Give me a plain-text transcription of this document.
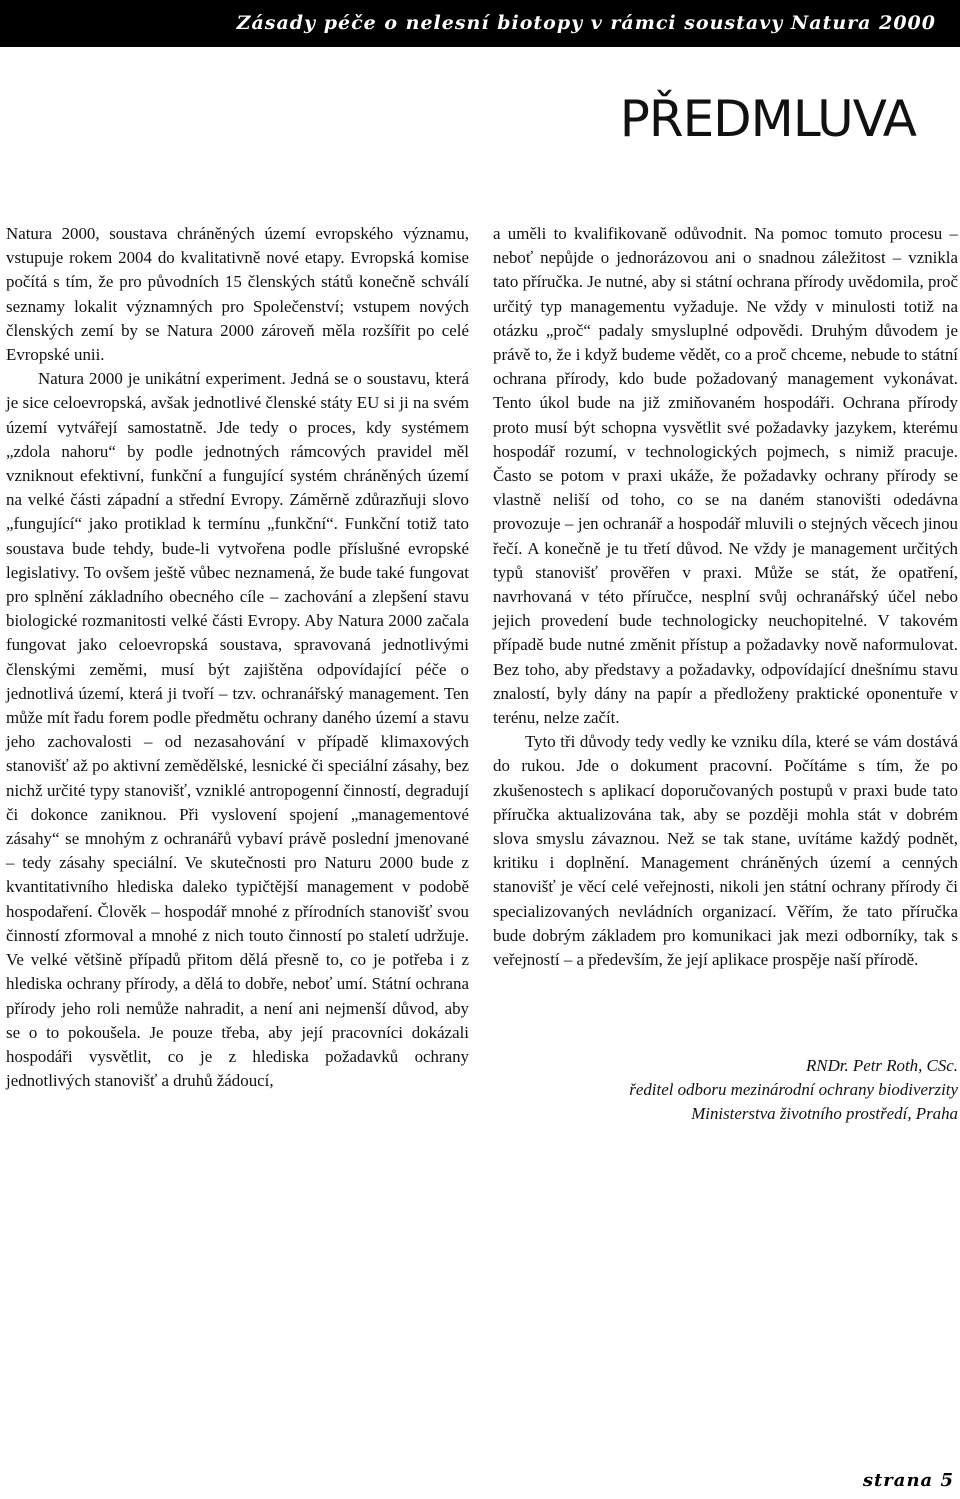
Zásady péče o nelesní biotopy v rámci soustavy Natura 2000
PŘEDMLUVA

Natura 2000, soustava chráněných území evropského významu, vstupuje rokem 2004 do kvalitativně nové etapy. Evropská komise počítá s tím, že pro původních 15 členských států konečně schválí seznamy lokalit významných pro Společenství; vstupem nových členských zemí by se Natura 2000 zároveň měla rozšířit po celé Evropské unii.

Natura 2000 je unikátní experiment. Jedná se o soustavu, která je sice celoevropská, avšak jednotlivé členské státy EU si ji na svém území vytvářejí samostatně. Jde tedy o proces, kdy systémem „zdola nahoru“ by podle jednotných rámcových pravidel měl vzniknout efektivní, funkční a fungující systém chráněných území na velké části západní a střední Evropy. Záměrně zdůrazňuji slovo „fungující“ jako protiklad k termínu „funkční“. Funkční totiž tato soustava bude tehdy, bude-li vytvořena podle příslušné evropské legislativy. To ovšem ještě vůbec neznamená, že bude také fungovat pro splnění základního obecného cíle – zachování a zlepšení stavu biologické rozmanitosti velké části Evropy. Aby Natura 2000 začala fungovat jako celoevropská soustava, spravovaná jednotlivými členskými zeměmi, musí být zajištěna odpovídající péče o jednotlivá území, která ji tvoří – tzv. ochranářský management. Ten může mít řadu forem podle předmětu ochrany daného území a stavu jeho zachovalosti – od nezasahování v případě klimaxových stanovišť až po aktivní zemědělské, lesnické či speciální zásahy, bez nichž určité typy stanovišť, vzniklé antropogenní činností, degradují či dokonce zaniknou. Při vyslovení spojení „managementové zásahy“ se mnohým z ochranářů vybaví právě poslední jmenované – tedy zásahy speciální. Ve skutečnosti pro Naturu 2000 bude z kvantitativního hlediska daleko typičtější management v podobě hospodaření. Člověk – hospodář mnohé z přírodních stanovišť svou činností zformoval a mnohé z nich touto činností po staletí udržuje. Ve velké většině případů přitom dělá přesně to, co je potřeba i z hlediska ochrany přírody, a dělá to dobře, neboť umí. Státní ochrana přírody jeho roli nemůže nahradit, a není ani nejmenší důvod, aby se o to pokoušela. Je pouze třeba, aby její pracovníci dokázali hospodáři vysvětlit, co je z hlediska požadavků ochrany jednotlivých stanovišť a druhů žádoucí,

a uměli to kvalifikovaně odůvodnit. Na pomoc tomuto procesu – neboť nepůjde o jednorázovou ani o snadnou záležitost – vznikla tato příručka. Je nutné, aby si státní ochrana přírody uvědomila, proč určitý typ managementu vyžaduje. Ne vždy v minulosti totiž na otázku „proč“ padaly smysluplné odpovědi. Druhým důvodem je právě to, že i když budeme vědět, co a proč chceme, nebude to státní ochrana přírody, kdo bude požadovaný management vykonávat. Tento úkol bude na již zmiňovaném hospodáři. Ochrana přírody proto musí být schopna vysvětlit své požadavky jazykem, kterému hospodář rozumí, v technologických pojmech, s nimiž pracuje. Často se potom v praxi ukáže, že požadavky ochrany přírody se vlastně neliší od toho, co se na daném stanovišti odedávna provozuje – jen ochranář a hospodář mluvili o stejných věcech jinou řečí. A konečně je tu třetí důvod. Ne vždy je management určitých typů stanovišť prověřen v praxi. Může se stát, že opatření, navrhovaná v této příručce, nesplní svůj ochranářský účel nebo jejich provedení bude technologicky neuchopitelné. V takovém případě bude nutné změnit přístup a požadavky nově naformulovat. Bez toho, aby představy a požadavky, odpovídající dnešnímu stavu znalostí, byly dány na papír a předloženy praktické oponentuře v terénu, nelze začít.

Tyto tři důvody tedy vedly ke vzniku díla, které se vám dostává do rukou. Jde o dokument pracovní. Počítáme s tím, že po zkušenostech s aplikací doporučovaných postupů v praxi bude tato příručka aktualizována tak, aby se později mohla stát v dobrém slova smyslu závaznou. Než se tak stane, uvítáme každý podnět, kritiku i doplnění. Management chráněných území a cenných stanovišť je věcí celé veřejnosti, nikoli jen státní ochrany přírody či specializovaných nevládních organizací. Věřím, že tato příručka bude dobrým základem pro komunikaci jak mezi odborníky, tak s veřejností – a především, že její aplikace prospěje naší přírodě.

RNDr. Petr Roth, CSc.
ředitel odboru mezinárodní ochrany biodiverzity
Ministerstva životního prostředí, Praha
strana 5
